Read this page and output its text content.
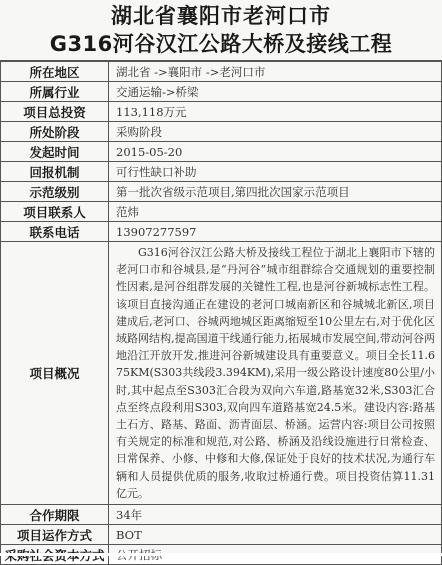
湖北省襄阳市老河口市
G316河谷汉江公路大桥及接线工程
所在地区	湖北省 ->襄阳市 ->老河口市
所属行业	交通运输->桥梁
项目总投资	113,118万元
所处阶段	采购阶段
发起时间	2015-05-20
回报机制	可行性缺口补助
示范级别	第一批次省级示范项目,第四批次国家示范项目
项目联系人	范炜
联系电话	13907277597
项目概况	G316河谷汉江公路大桥及接线工程位于湖北上襄阳市下辖的老河口市和谷城县,是“丹河谷”城市组群综合交通规划的重要控制性因素,是河谷组群发展的关键性工程,也是河谷新城标志性工程。该项目直接沟通正在建设的老河口城南新区和谷城城北新区,项目建成后,老河口、谷城两地城区距离缩短至10公里左右,对于优化区域路网结构,提高国道干线通行能力,拓展城市发展空间,带动河谷两地沿江开放开发,推进河谷新城建设具有重要意义。项目全长11.675KM(S303共线段3.394KM),采用一级公路设计速度80公里/小时,其中起点至S303汇合段为双向六车道,路基宽32米,S303汇合点至终点段利用S303,双向四车道路基宽24.5米。建设内容:路基土石方、路基、路面、沥青面层、桥涵。运营内容:项目公司按照有关规定的标准和规范,对公路、桥涵及沿线设施进行日常检查、日常保养、小修、中修和大修,保证处于良好的技术状况,为通行车辆和人员提供优质的服务,收取过桥通行费。项目投资估算11.31亿元。
合作期限	34年
项目运作方式	BOT
